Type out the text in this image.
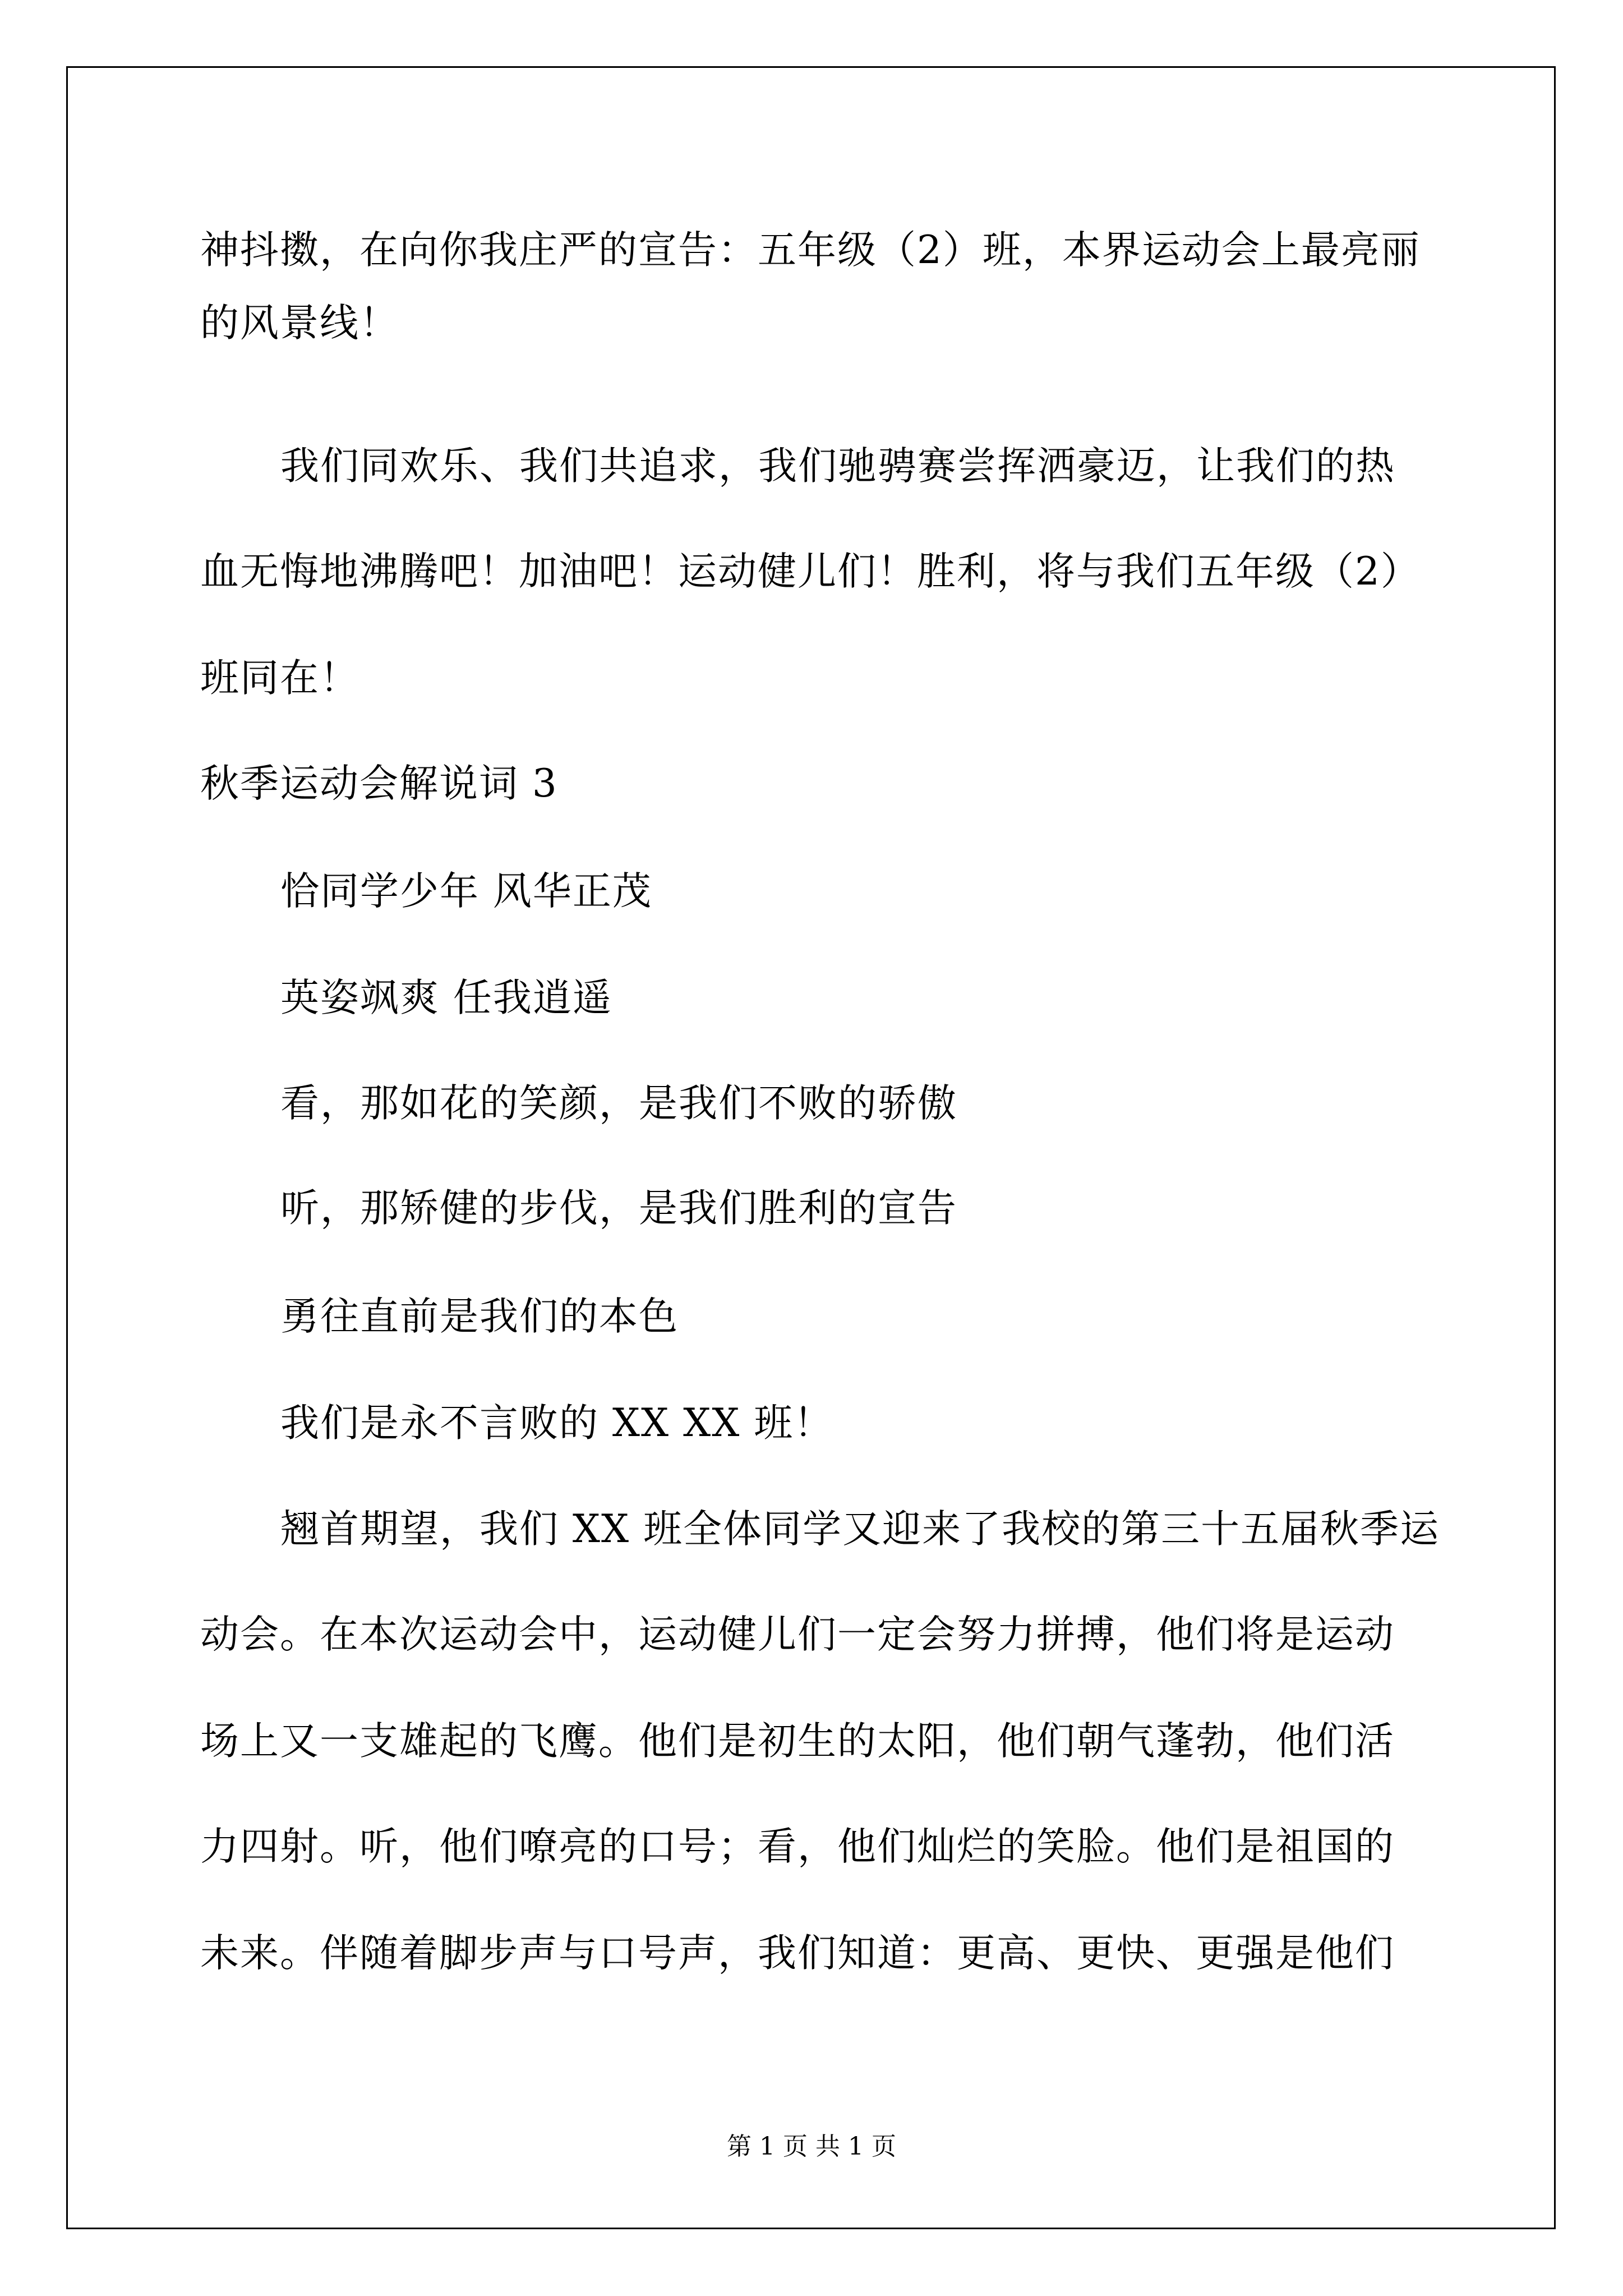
神抖擞，在向你我庄严的宣告：五年级（2）班，本界运动会上最亮丽
的风景线！
我们同欢乐、我们共追求，我们驰骋赛尝挥洒豪迈，让我们的热
血无悔地沸腾吧！加油吧！运动健儿们！胜利，将与我们五年级（2）
班同在！
秋季运动会解说词 3
恰同学少年 风华正茂
英姿飒爽 任我逍遥
看，那如花的笑颜，是我们不败的骄傲
听，那矫健的步伐，是我们胜利的宣告
勇往直前是我们的本色
我们是永不言败的 XX XX 班！
翘首期望，我们 XX 班全体同学又迎来了我校的第三十五届秋季运
动会。在本次运动会中，运动健儿们一定会努力拼搏，他们将是运动
场上又一支雄起的飞鹰。他们是初生的太阳，他们朝气蓬勃，他们活
力四射。听，他们嘹亮的口号；看，他们灿烂的笑脸。他们是祖国的
未来。伴随着脚步声与口号声，我们知道：更高、更快、更强是他们
第 1 页 共 1 页
